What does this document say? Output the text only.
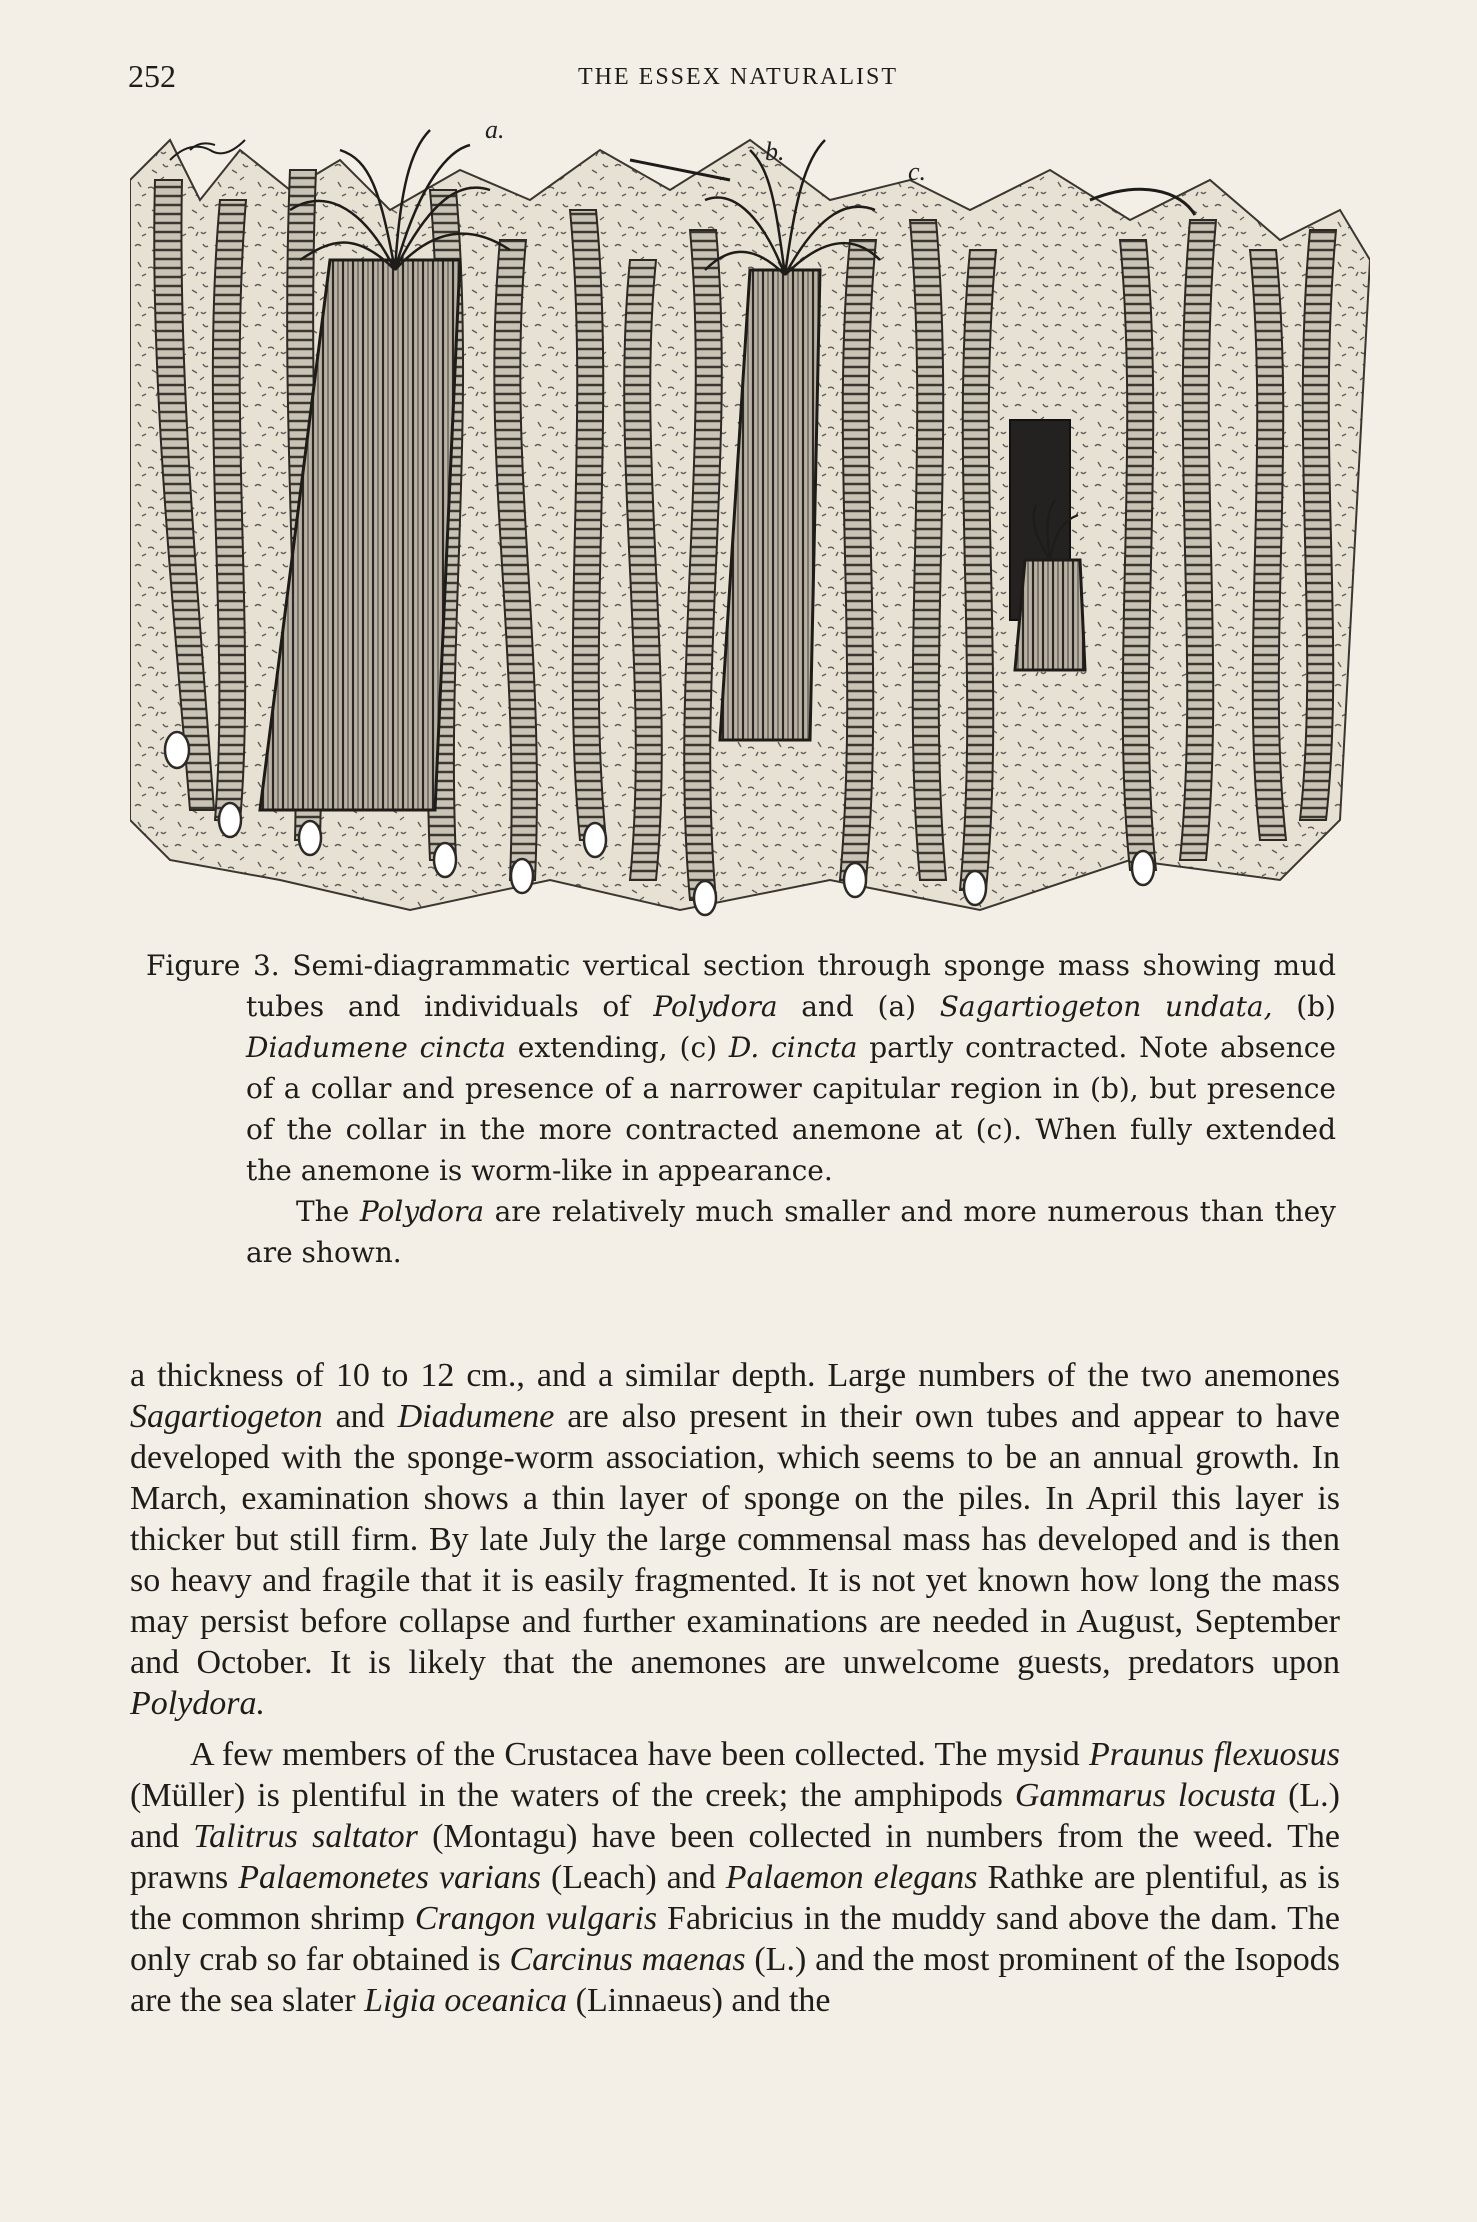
252	THE ESSEX NATURALIST
a.
b.
c.

Figure 3. Semi-diagrammatic vertical section through sponge mass showing mud tubes and individuals of Polydora and (a) Sagartiogeton undata, (b) Diadumene cincta extending, (c) D. cincta partly contracted. Note absence of a collar and presence of a narrower capitular region in (b), but presence of the collar in the more contracted anemone at (c). When fully extended the anemone is worm-like in appearance.

The Polydora are relatively much smaller and more numerous than they are shown.

a thickness of 10 to 12 cm., and a similar depth. Large numbers of the two anemones Sagartiogeton and Diadumene are also present in their own tubes and appear to have developed with the sponge-worm association, which seems to be an annual growth. In March, examination shows a thin layer of sponge on the piles. In April this layer is thicker but still firm. By late July the large commensal mass has developed and is then so heavy and fragile that it is easily fragmented. It is not yet known how long the mass may persist before collapse and further examinations are needed in August, September and October. It is likely that the anemones are unwelcome guests, predators upon Polydora.

A few members of the Crustacea have been collected. The mysid Praunus flexuosus (Müller) is plentiful in the waters of the creek; the amphipods Gammarus locusta (L.) and Talitrus saltator (Montagu) have been collected in numbers from the weed. The prawns Palaemonetes varians (Leach) and Palaemon elegans Rathke are plentiful, as is the common shrimp Crangon vulgaris Fabricius in the muddy sand above the dam. The only crab so far obtained is Carcinus maenas (L.) and the most prominent of the Isopods are the sea slater Ligia oceanica (Linnaeus) and the
